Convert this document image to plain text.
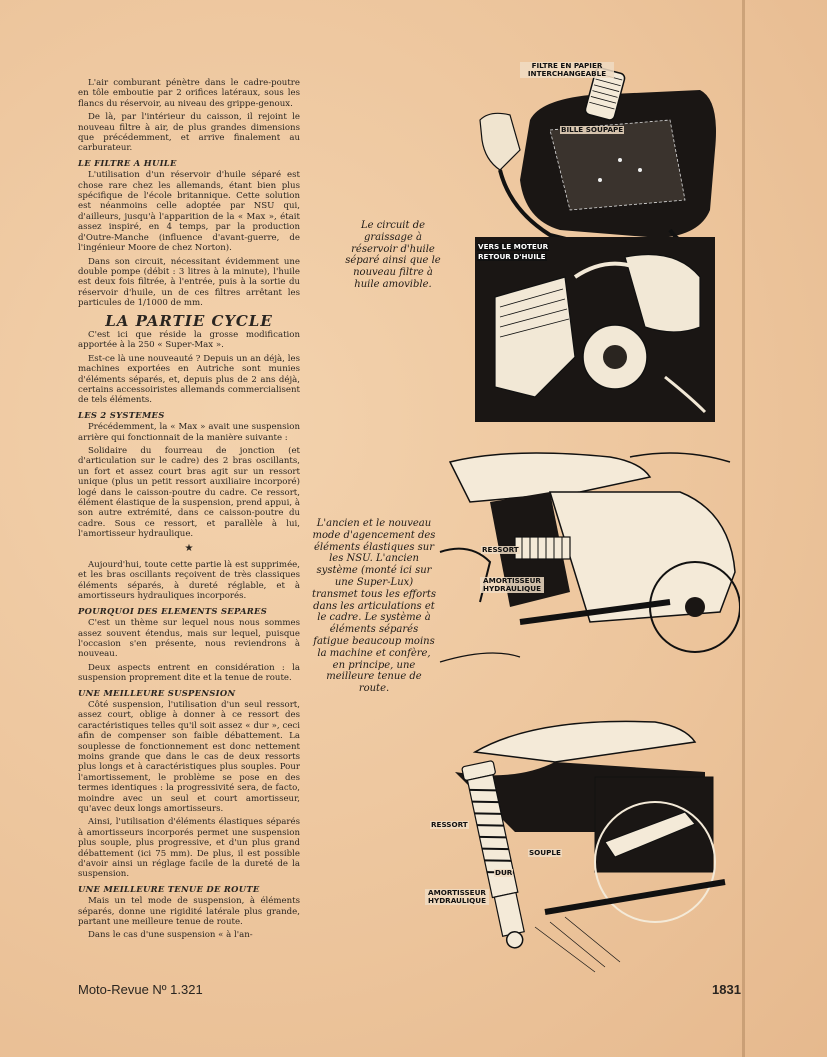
L'air comburant pénètre dans le cadre-poutre en tôle emboutie par 2 orifices latéraux, sous les flancs du réservoir, au niveau des grippe-genoux.

De là, par l'intérieur du caisson, il rejoint le nouveau filtre à air, de plus grandes dimensions que précédemment, et arrive finalement au carburateur.

LE FILTRE A HUILE

L'utilisation d'un réservoir d'huile séparé est chose rare chez les allemands, étant bien plus spécifique de l'école britannique. Cette solution est néanmoins celle adoptée par NSU qui, d'ailleurs, jusqu'à l'apparition de la « Max », était assez inspiré, en 4 temps, par la production d'Outre-Manche (influence d'avant-guerre, de l'ingénieur Moore de chez Norton).

Dans son circuit, nécessitant évidemment une double pompe (débit : 3 litres à la minute), l'huile est deux fois filtrée, à l'entrée, puis à la sortie du réservoir d'huile, un de ces filtres arrêtant les particules de 1/1000 de mm.

LA PARTIE CYCLE

C'est ici que réside la grosse modification apportée à la 250 « Super-Max ».

Est-ce là une nouveauté ? Depuis un an déjà, les machines exportées en Autriche sont munies d'éléments séparés, et, depuis plus de 2 ans déjà, certains accessoiristes allemands commercialisent de tels éléments.

LES 2 SYSTEMES

Précédemment, la « Max » avait une suspension arrière qui fonctionnait de la manière suivante :

Solidaire du fourreau de jonction (et d'articulation sur le cadre) des 2 bras oscillants, un fort et assez court bras agit sur un ressort unique (plus un petit ressort auxiliaire incorporé) logé dans le caisson-poutre du cadre. Ce ressort, élément élastique de la suspension, prend appui, à son autre extrémité, dans ce caisson-poutre du cadre. Sous ce ressort, et parallèle à lui, l'amortisseur hydraulique.

★

Aujourd'hui, toute cette partie là est supprimée, et les bras oscillants reçoivent de très classiques éléments séparés, à dureté réglable, et à amortisseurs hydrauliques incorporés.

POURQUOI DES ELEMENTS SEPARES

C'est un thème sur lequel nous nous sommes assez souvent étendus, mais sur lequel, puisque l'occasion s'en présente, nous reviendrons à nouveau.

Deux aspects entrent en considération : la suspension proprement dite et la tenue de route.

UNE MEILLEURE SUSPENSION

Côté suspension, l'utilisation d'un seul ressort, assez court, oblige à donner à ce ressort des caractéristiques telles qu'il soit assez « dur », ceci afin de compenser son faible débattement. La souplesse de fonctionnement est donc nettement moins grande que dans le cas de deux ressorts plus longs et à caractéristiques plus souples. Pour l'amortissement, le problème se pose en des termes identiques : la progressivité sera, de facto, moindre avec un seul et court amortisseur, qu'avec deux longs amortisseurs.

Ainsi, l'utilisation d'éléments élastiques séparés à amortisseurs incorporés permet une suspension plus souple, plus progressive, et d'un plus grand débattement (ici 75 mm). De plus, il est possible d'avoir ainsi un réglage facile de la dureté de la suspension.

UNE MEILLEURE TENUE DE ROUTE

Mais un tel mode de suspension, à éléments séparés, donne une rigidité latérale plus grande, partant une meilleure tenue de route.

Dans le cas d'une suspension « à l'an-

Le circuit de graissage à réservoir d'huile séparé ainsi que le nouveau filtre à huile amovible.
L'ancien et le nouveau mode d'agencement des éléments élastiques sur les NSU. L'ancien système (monté ici sur une Super-Lux) transmet tous les efforts dans les articulations et le cadre. Le système à éléments séparés fatigue beaucoup moins la machine et confère, en principe, une meilleure tenue de route.
FILTRE EN PAPIER INTERCHANGEABLE
BILLE SOUPAPE
VERS LE MOTEUR
RETOUR D'HUILE
RESSORT
AMORTISSEUR HYDRAULIQUE
RESSORT
AMORTISSEUR HYDRAULIQUE
DUR
SOUPLE
Moto-Revue Nº 1.321	1831
